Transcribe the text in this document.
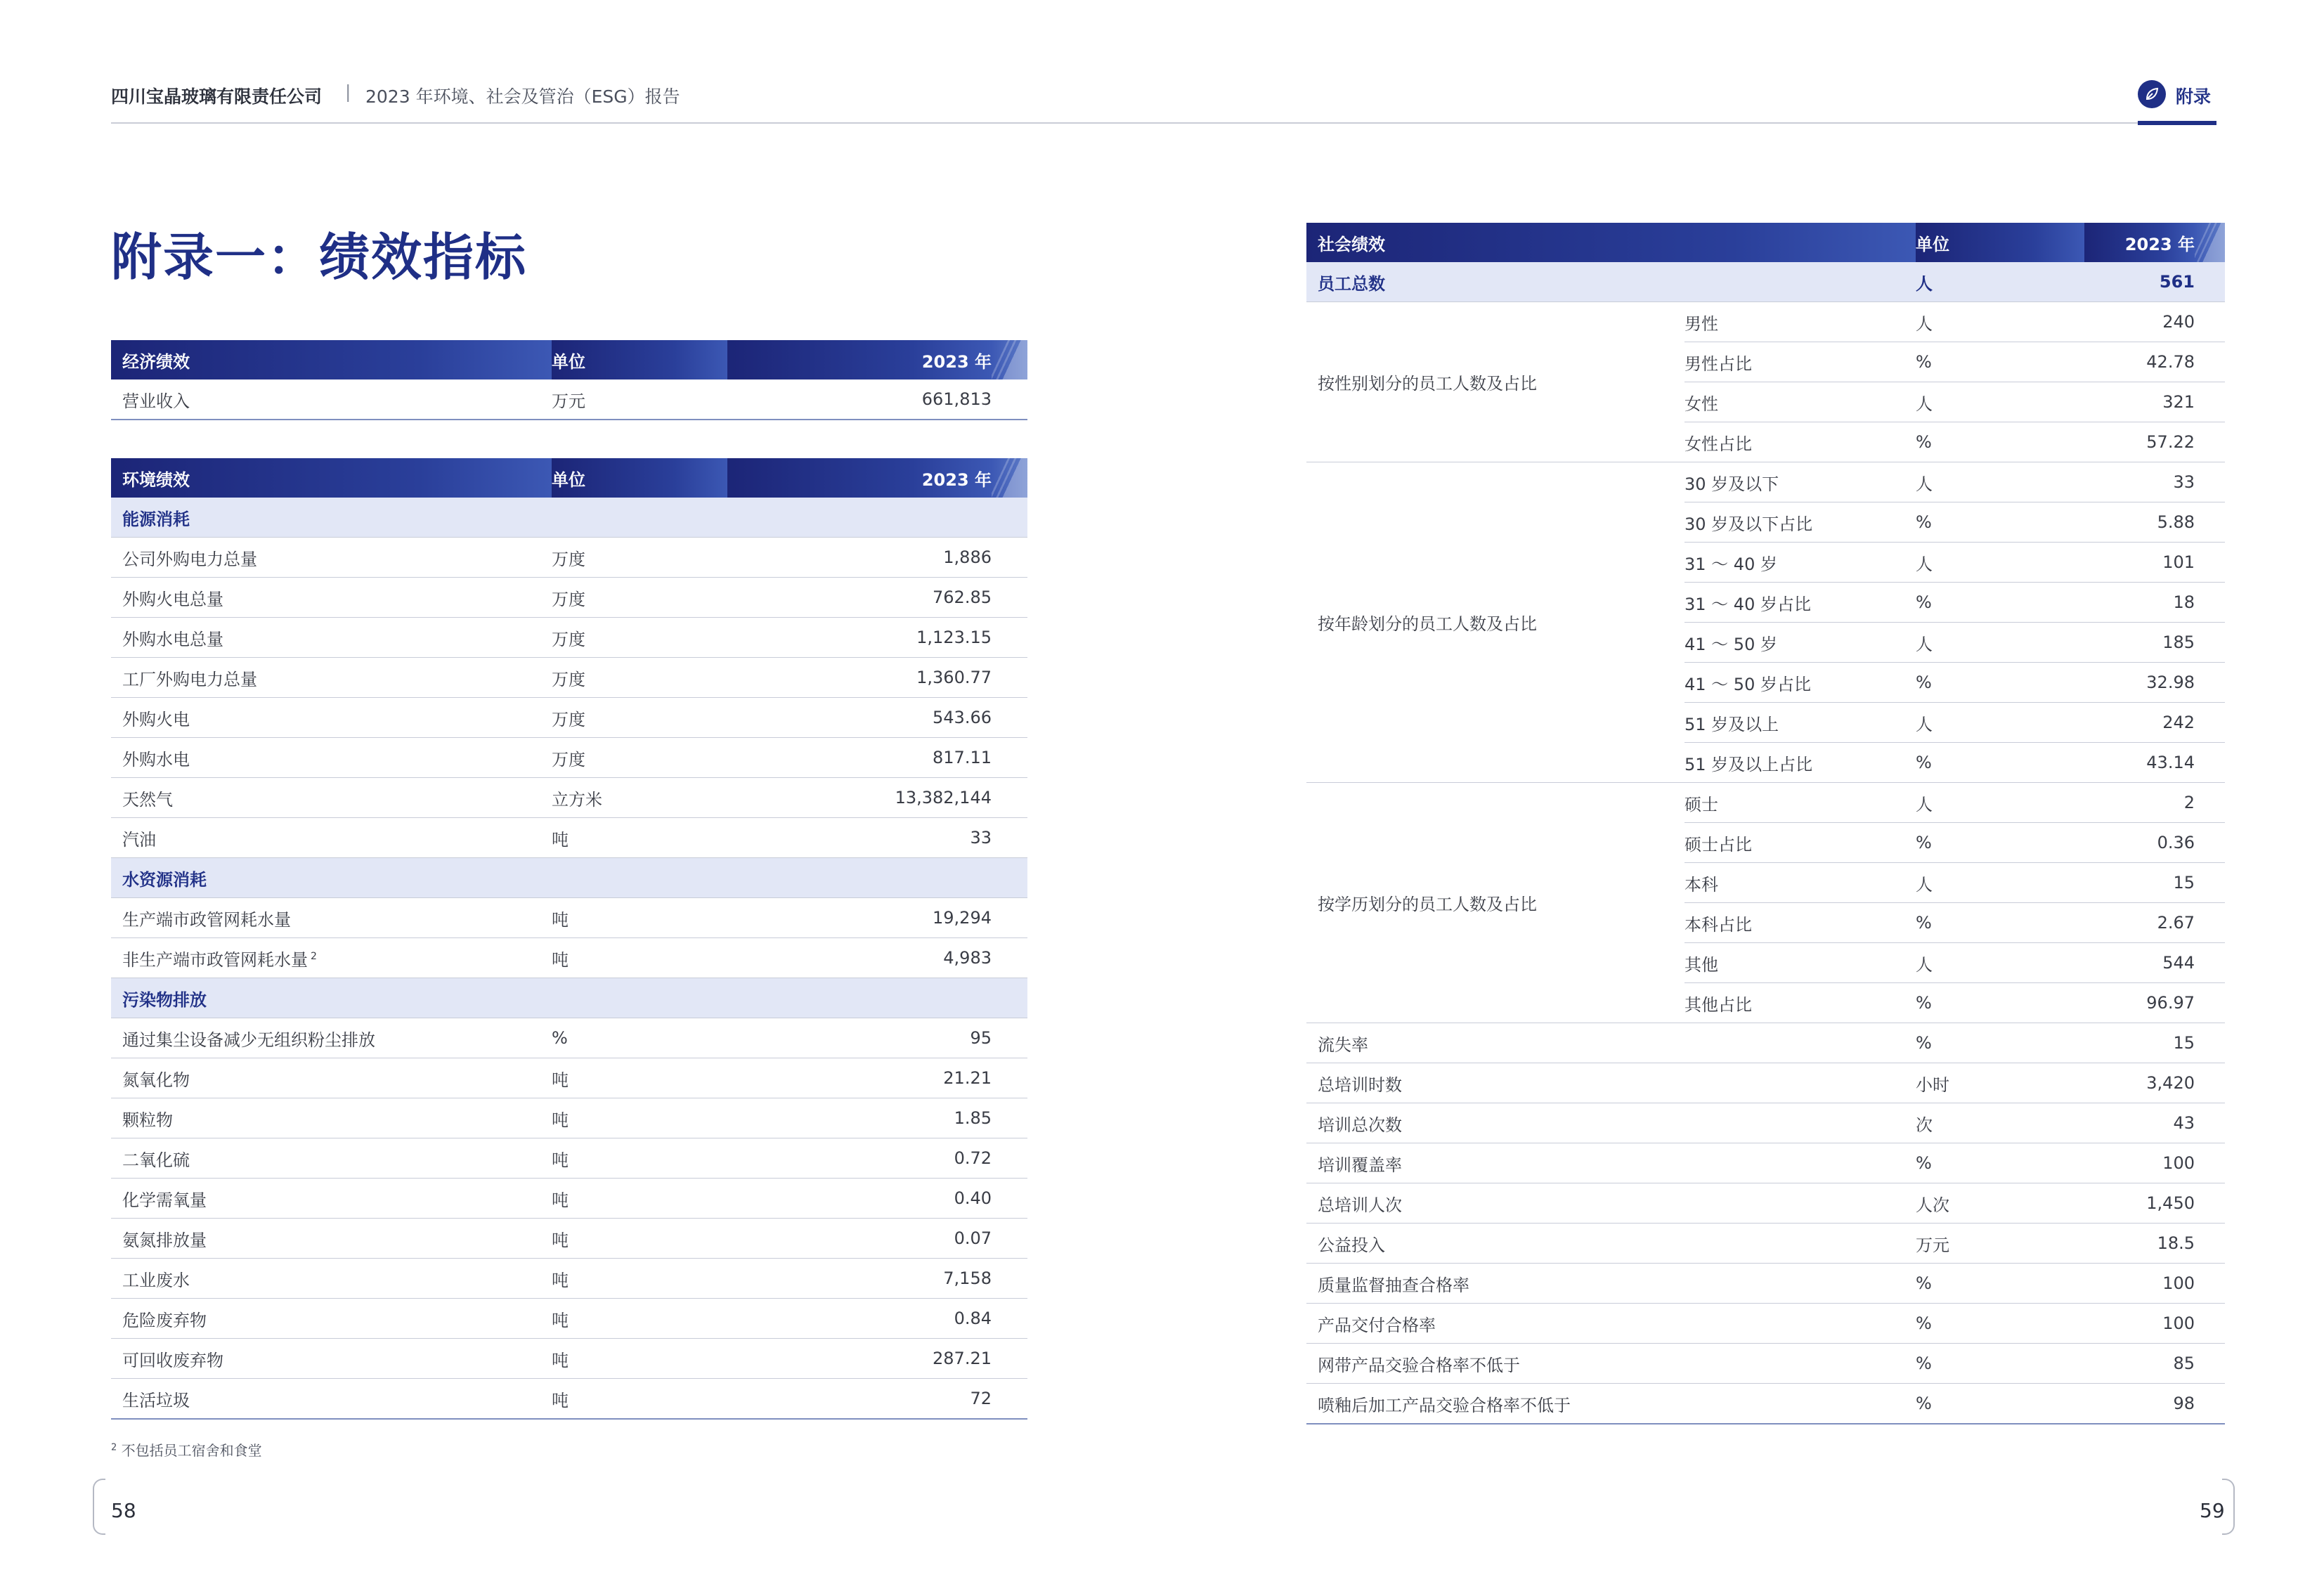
四川宝晶玻璃有限责任公司 | 2023 年环境、社会及管治（ESG）报告	附录
附录一：绩效指标
经济绩效	单位	2023 年	
营业收入	万元	661,813	
环境绩效	单位	2023 年	
能源消耗			
公司外购电力总量	万度	1,886	
外购火电总量	万度	762.85	
外购水电总量	万度	1,123.15	
工厂外购电力总量	万度	1,360.77	
外购火电	万度	543.66	
外购水电	万度	817.11	
天然气	立方米	13,382,144	
汽油	吨	33	
水资源消耗			
生产端市政管网耗水量	吨	19,294	
非生产端市政管网耗水量 $^2$	吨	4,983	
污染物排放			
通过集尘设备减少无组织粉尘排放	%	95	
氮氧化物	吨	21.21	
颗粒物	吨	1.85	
二氧化硫	吨	0.72	
化学需氧量	吨	0.40	
氨氮排放量	吨	0.07	
工业废水	吨	7,158	
危险废弃物	吨	0.84	
可回收废弃物	吨	287.21	
生活垃圾	吨	72	
$^2$ 不包括员工宿舍和食堂
社会绩效		单位	2023 年	
员工总数		人	561	
按性别划分的员工人数及占比	男性	人	240	
	男性占比	%	42.78	
	女性	人	321	
	女性占比	%	57.22	
按年龄划分的员工人数及占比	30 岁及以下	人	33	
	30 岁及以下占比	%	5.88	
	31 ～ 40 岁	人	101	
	31 ～ 40 岁占比	%	18	
	41 ～ 50 岁	人	185	
	41 ～ 50 岁占比	%	32.98	
	51 岁及以上	人	242	
	51 岁及以上占比	%	43.14	
按学历划分的员工人数及占比	硕士	人	2	
	硕士占比	%	0.36	
	本科	人	15	
	本科占比	%	2.67	
	其他	人	544	
	其他占比	%	96.97	
流失率		%	15	
总培训时数		小时	3,420	
培训总次数		次	43	
培训覆盖率		%	100	
总培训人次		人次	1,450	
公益投入		万元	18.5	
质量监督抽查合格率		%	100	
产品交付合格率		%	100	
网带产品交验合格率不低于		%	85	
喷釉后加工产品交验合格率不低于		%	98	
58	59
